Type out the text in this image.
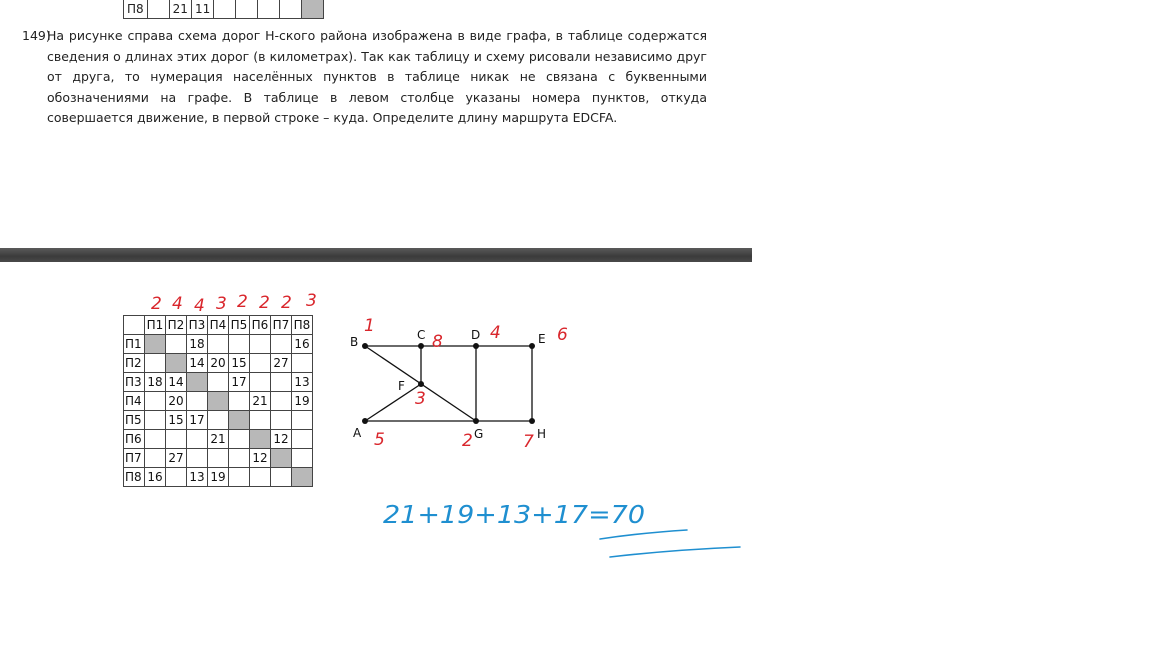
П8		21	11					
149)
На рисунке справа схема дорог Н-ского района изображена в виде графа, в таблице содержатся сведения о длинах этих дорог (в километрах). Так как таблицу и схему рисовали независимо друг от друга, то нумерация населённых пунктов в таблице никак не связана с буквенными обозначениями на графе. В таблице в левом столбце указаны номера пунктов, откуда совершается движение, в первой строке – куда. Определите длину маршрута EDCFA.
	П1	П2	П3	П4	П5	П6	П7	П8
П1			18					16
П2			14	20	15		27	
П3	18	14			17			13
П4		20				21		19
П5		15	17					
П6				21			12	
П7		27				12		
П8	16		13	19				
B	C	D	E
F
A	G	H
2 4 4 3 2 2 2 3
1
8	4	6
3
5	2	7
21+19+13+17=70
